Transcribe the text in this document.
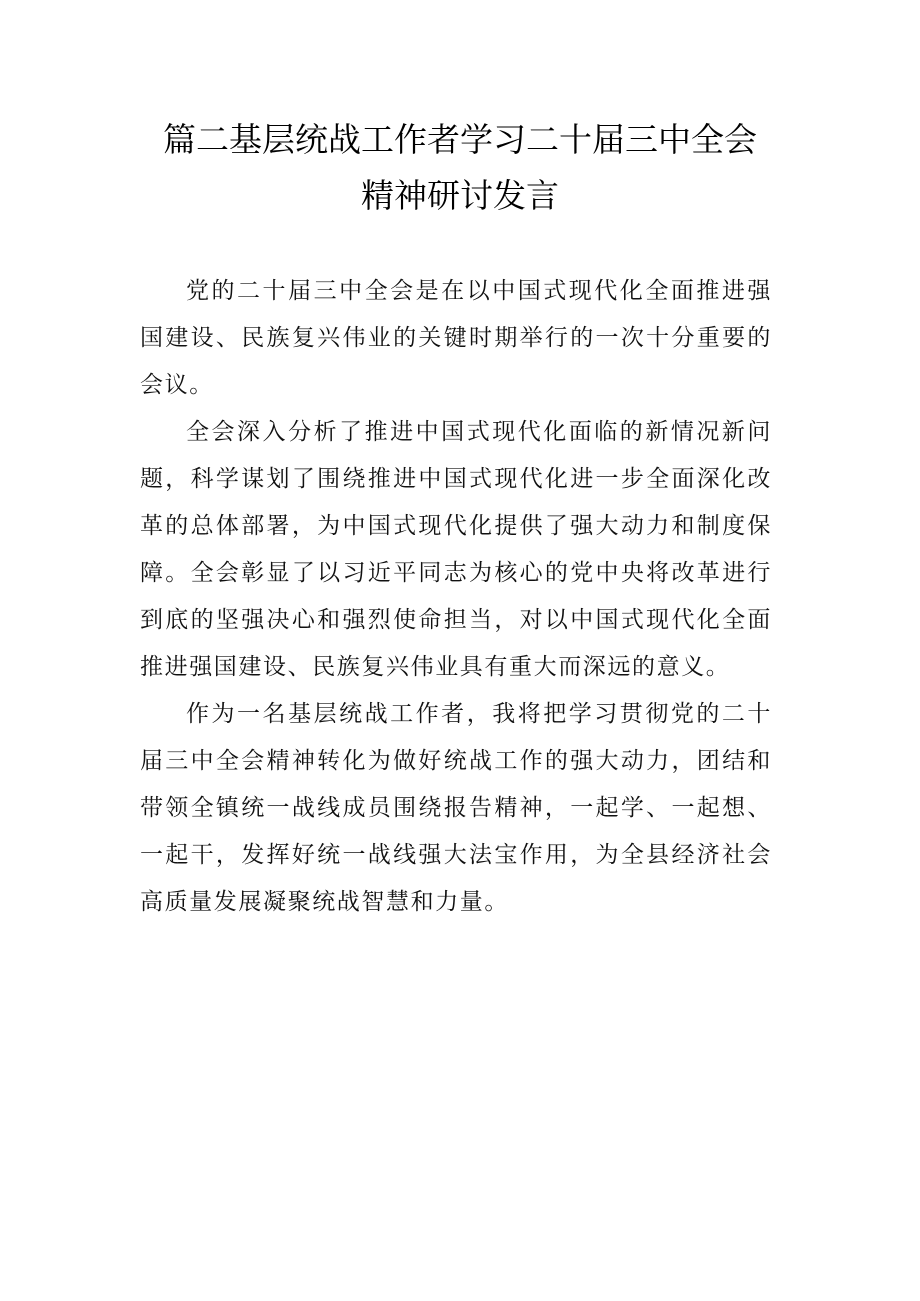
篇二基层统战工作者学习二十届三中全会
精神研讨发言

党的二十届三中全会是在以中国式现代化全面推进强国建设、民族复兴伟业的关键时期举行的一次十分重要的会议。

全会深入分析了推进中国式现代化面临的新情况新问题，科学谋划了围绕推进中国式现代化进一步全面深化改革的总体部署，为中国式现代化提供了强大动力和制度保障。全会彰显了以习近平同志为核心的党中央将改革进行到底的坚强决心和强烈使命担当，对以中国式现代化全面推进强国建设、民族复兴伟业具有重大而深远的意义。

作为一名基层统战工作者，我将把学习贯彻党的二十届三中全会精神转化为做好统战工作的强大动力，团结和带领全镇统一战线成员围绕报告精神，一起学、一起想、一起干，发挥好统一战线强大法宝作用，为全县经济社会高质量发展凝聚统战智慧和力量。
